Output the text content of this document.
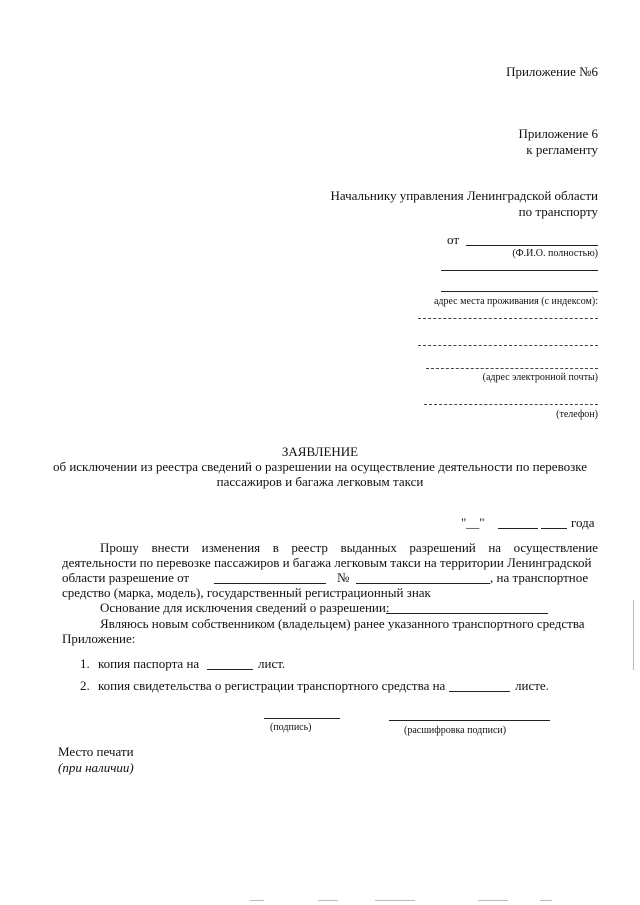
Приложение №6
Приложение 6
к регламенту
Начальнику управления Ленинградской области
по транспорту
от
(Ф.И.О. полностью)
адрес места проживания (с индексом):
(адрес электронной почты)
(телефон)
ЗАЯВЛЕНИЕ
об исключении из реестра сведений о разрешении на осуществление деятельности по перевозке
пассажиров и багажа легковым такси
"__"	года
Прошу внести изменения в реестр выданных разрешений на осуществление
деятельности по перевозке пассажиров и багажа легковым такси на территории Ленинградской
области разрешение от	№	, на транспортное
средство (марка, модель), государственный регистрационный знак
Основание для исключения сведений о разрешении:
Являюсь новым собственником (владельцем) ранее указанного транспортного средства
Приложение:
1. копия паспорта на	лист.
2. копия свидетельства о регистрации транспортного средства на	листе.
(подпись)	(расшифровка подписи)
Место печати
(при наличии)
